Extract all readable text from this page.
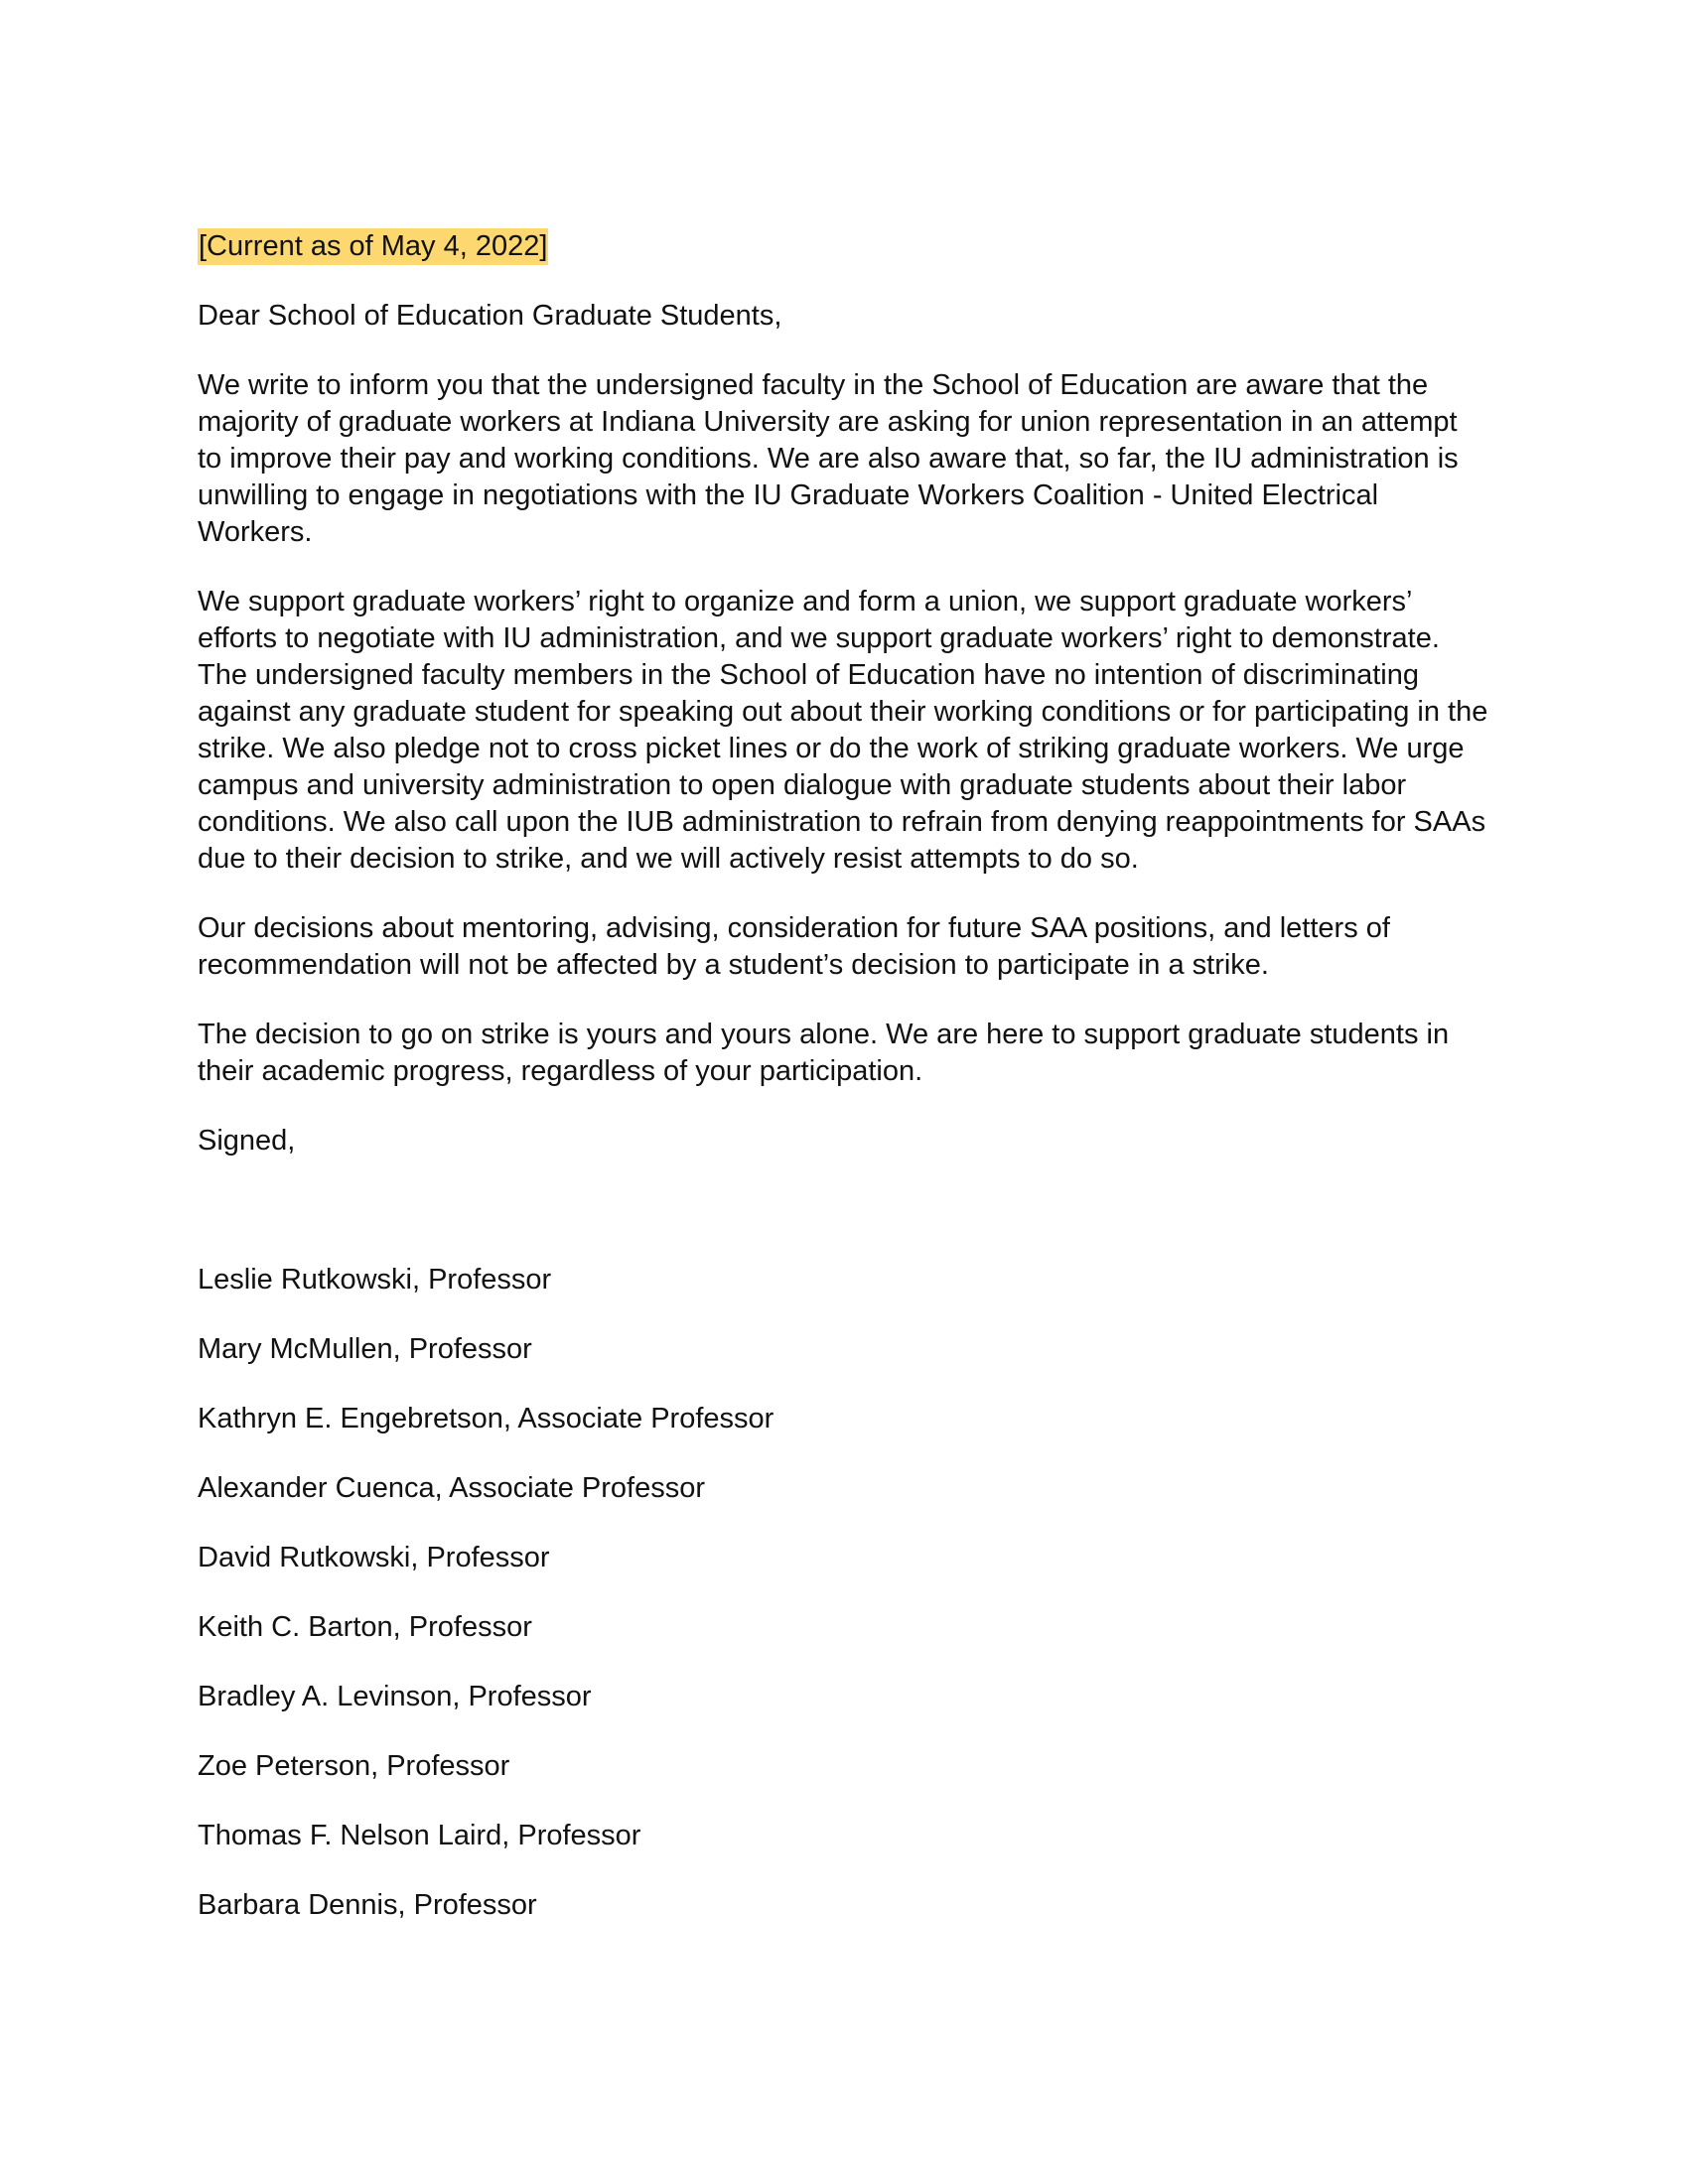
[Current as of May 4, 2022]

Dear School of Education Graduate Students,

We write to inform you that the undersigned faculty in the School of Education are aware that the majority of graduate workers at Indiana University are asking for union representation in an attempt to improve their pay and working conditions. We are also aware that, so far, the IU administration is unwilling to engage in negotiations with the IU Graduate Workers Coalition - United Electrical Workers.

We support graduate workers’ right to organize and form a union, we support graduate workers’ efforts to negotiate with IU administration, and we support graduate workers’ right to demonstrate. The undersigned faculty members in the School of Education have no intention of discriminating against any graduate student for speaking out about their working conditions or for participating in the strike. We also pledge not to cross picket lines or do the work of striking graduate workers. We urge campus and university administration to open dialogue with graduate students about their labor conditions. We also call upon the IUB administration to refrain from denying reappointments for SAAs due to their decision to strike, and we will actively resist attempts to do so.

Our decisions about mentoring, advising, consideration for future SAA positions, and letters of recommendation will not be affected by a student’s decision to participate in a strike.

The decision to go on strike is yours and yours alone. We are here to support graduate students in their academic progress, regardless of your participation.

Signed,

Leslie Rutkowski, Professor
Mary McMullen, Professor
Kathryn E. Engebretson, Associate Professor
Alexander Cuenca, Associate Professor
David Rutkowski, Professor
Keith C. Barton, Professor
Bradley A. Levinson, Professor
Zoe Peterson, Professor
Thomas F. Nelson Laird, Professor
Barbara Dennis, Professor
